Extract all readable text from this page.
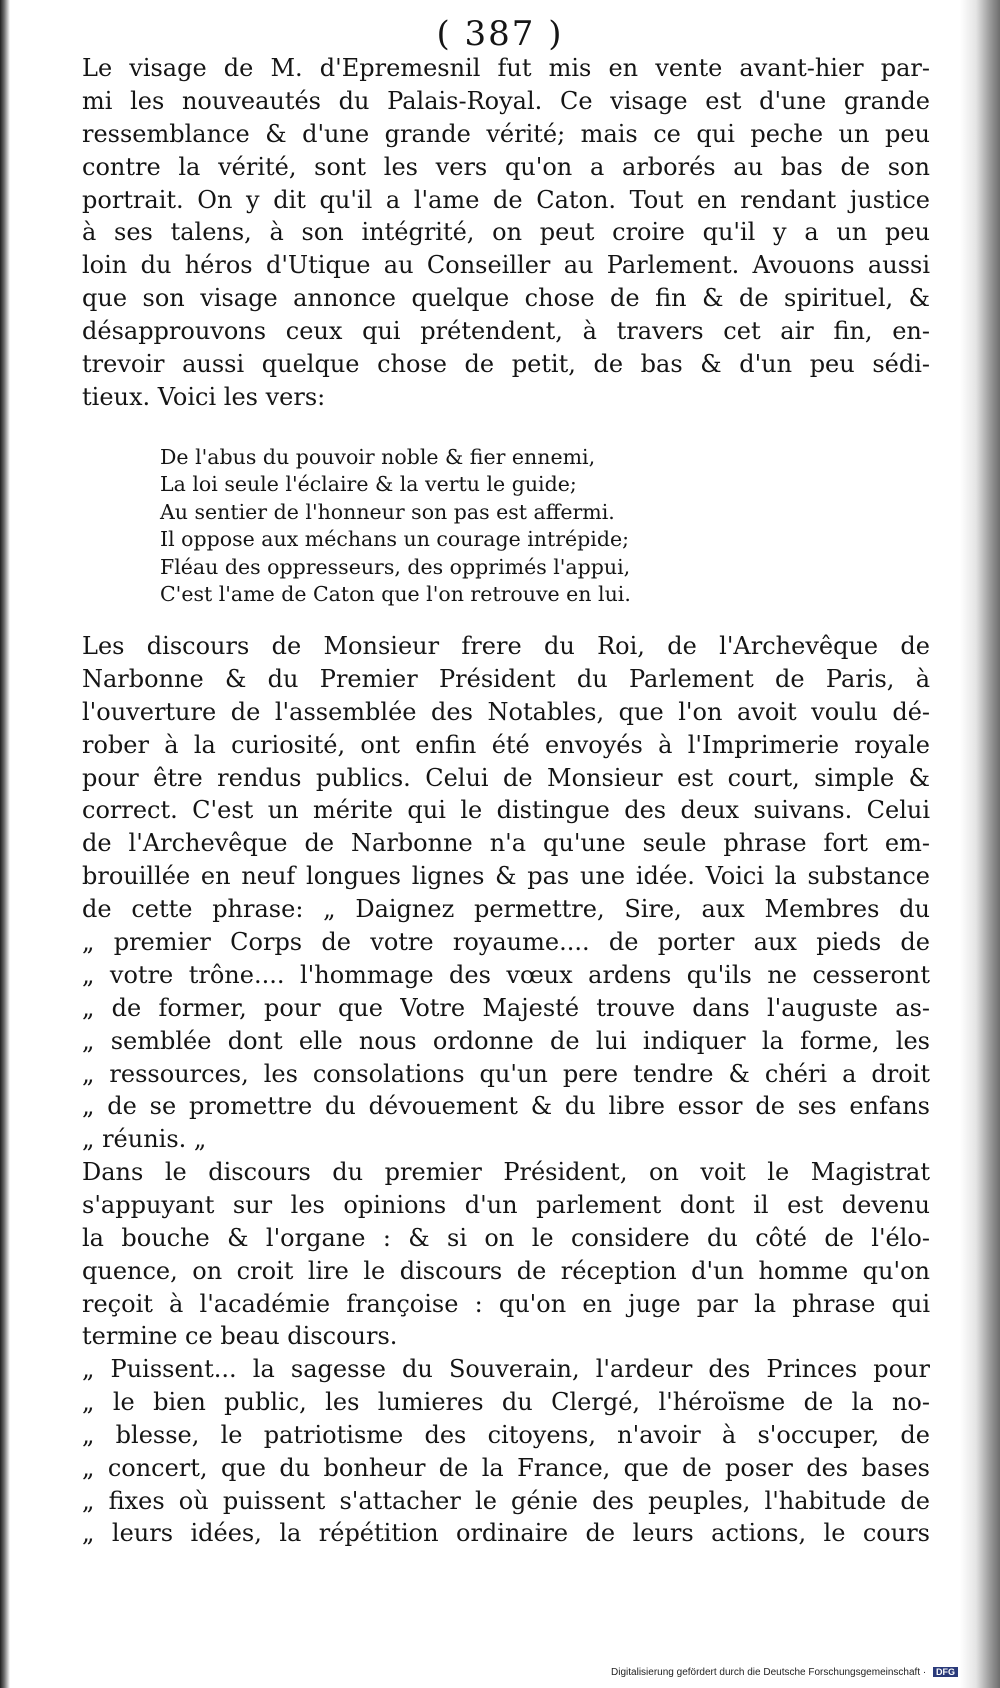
( 387 )
Le visage de M. d'Epremesnil fut mis en vente avant-hier par-
mi les nouveautés du Palais-Royal. Ce visage est d'une grande
ressemblance & d'une grande vérité; mais ce qui peche un peu
contre la vérité, sont les vers qu'on a arborés au bas de son
portrait. On y dit qu'il a l'ame de Caton. Tout en rendant justice
à ses talens, à son intégrité, on peut croire qu'il y a un peu
loin du héros d'Utique au Conseiller au Parlement. Avouons aussi
que son visage annonce quelque chose de fin & de spirituel, &
désapprouvons ceux qui prétendent, à travers cet air fin, en-
trevoir aussi quelque chose de petit, de bas & d'un peu sédi-
tieux. Voici les vers:
De l'abus du pouvoir noble & fier ennemi,
La loi seule l'éclaire & la vertu le guide;
Au sentier de l'honneur son pas est affermi.
Il oppose aux méchans un courage intrépide;
Fléau des oppresseurs, des opprimés l'appui,
C'est l'ame de Caton que l'on retrouve en lui.
Les discours de Monsieur frere du Roi, de l'Archevêque de
Narbonne & du Premier Président du Parlement de Paris, à
l'ouverture de l'assemblée des Notables, que l'on avoit voulu dé-
rober à la curiosité, ont enfin été envoyés à l'Imprimerie royale
pour être rendus publics. Celui de Monsieur est court, simple &
correct. C'est un mérite qui le distingue des deux suivans. Celui
de l'Archevêque de Narbonne n'a qu'une seule phrase fort em-
brouillée en neuf longues lignes & pas une idée. Voici la substance
de cette phrase: „ Daignez permettre, Sire, aux Membres du
„ premier Corps de votre royaume.... de porter aux pieds de
„ votre trône.... l'hommage des vœux ardens qu'ils ne cesseront
„ de former, pour que Votre Majesté trouve dans l'auguste as-
„ semblée dont elle nous ordonne de lui indiquer la forme, les
„ ressources, les consolations qu'un pere tendre & chéri a droit
„ de se promettre du dévouement & du libre essor de ses enfans
„ réunis. „
Dans le discours du premier Président, on voit le Magistrat
s'appuyant sur les opinions d'un parlement dont il est devenu
la bouche & l'organe : & si on le considere du côté de l'élo-
quence, on croit lire le discours de réception d'un homme qu'on
reçoit à l'académie françoise : qu'on en juge par la phrase qui
termine ce beau discours.
„ Puissent... la sagesse du Souverain, l'ardeur des Princes pour
„ le bien public, les lumieres du Clergé, l'héroïsme de la no-
„ blesse, le patriotisme des citoyens, n'avoir à s'occuper, de
„ concert, que du bonheur de la France, que de poser des bases
„ fixes où puissent s'attacher le génie des peuples, l'habitude de
„ leurs idées, la répétition ordinaire de leurs actions, le cours
Digitalisierung gefördert durch die Deutsche Forschungsgemeinschaft · DFG
